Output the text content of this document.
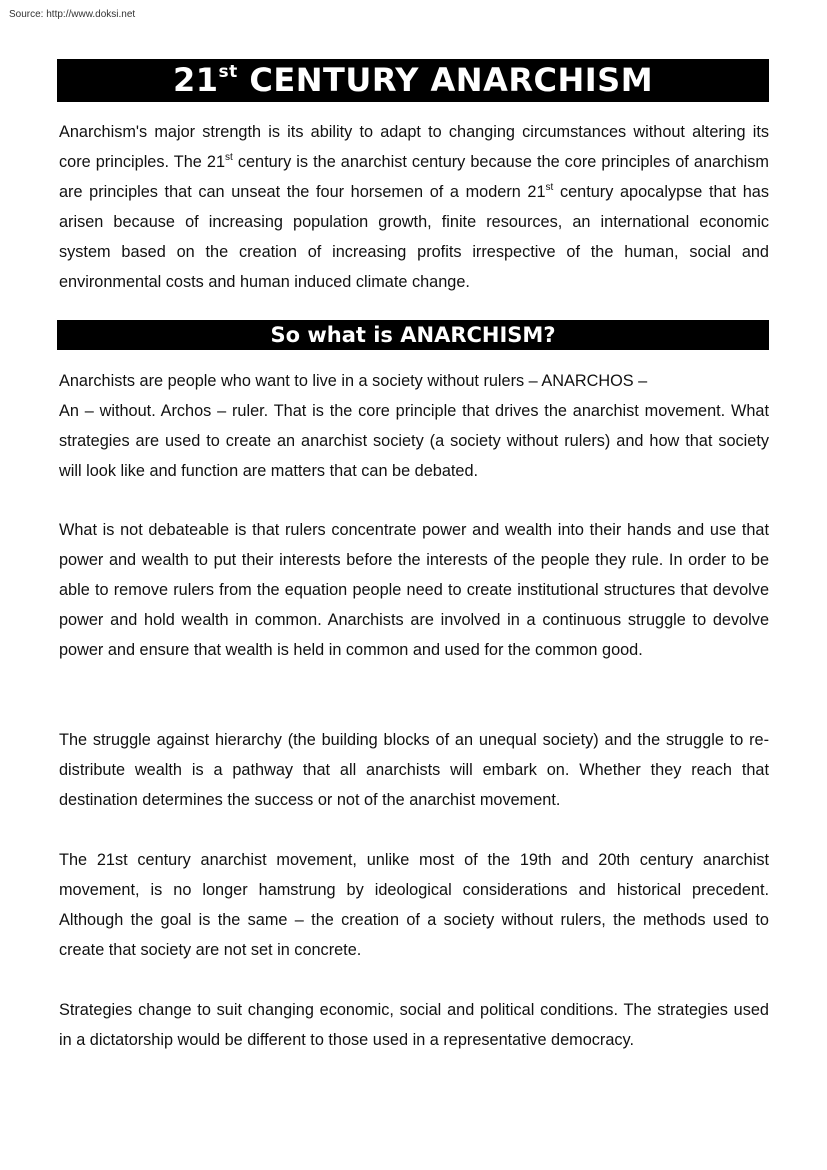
Source: http://www.doksi.net
21st CENTURY ANARCHISM

Anarchism's major strength is its ability to adapt to changing circumstances without altering its core principles. The 21st century is the anarchist century because the core principles of anarchism are principles that can unseat the four horsemen of a modern 21st century apocalypse that has arisen because of increasing population growth, finite resources, an international economic system based on the creation of increasing profits irrespective of the human, social and environmental costs and human induced climate change.

So what is ANARCHISM?

Anarchists are people who want to live in a society without rulers – ANARCHOS –
An – without. Archos – ruler. That is the core principle that drives the anarchist movement. What strategies are used to create an anarchist society (a society without rulers) and how that society will look like and function are matters that can be debated.

What is not debateable is that rulers concentrate power and wealth into their hands and use that power and wealth to put their interests before the interests of the people they rule. In order to be able to remove rulers from the equation people need to create institutional structures that devolve power and hold wealth in common. Anarchists are involved in a continuous struggle to devolve power and ensure that wealth is held in common and used for the common good.

The struggle against hierarchy (the building blocks of an unequal society) and the struggle to re-distribute wealth is a pathway that all anarchists will embark on. Whether they reach that destination determines the success or not of the anarchist movement.

The 21st century anarchist movement, unlike most of the 19th and 20th century anarchist movement, is no longer hamstrung by ideological considerations and historical precedent. Although the goal is the same – the creation of a society without rulers, the methods used to create that society are not set in concrete.

Strategies change to suit changing economic, social and political conditions. The strategies used in a dictatorship would be different to those used in a representative democracy.
